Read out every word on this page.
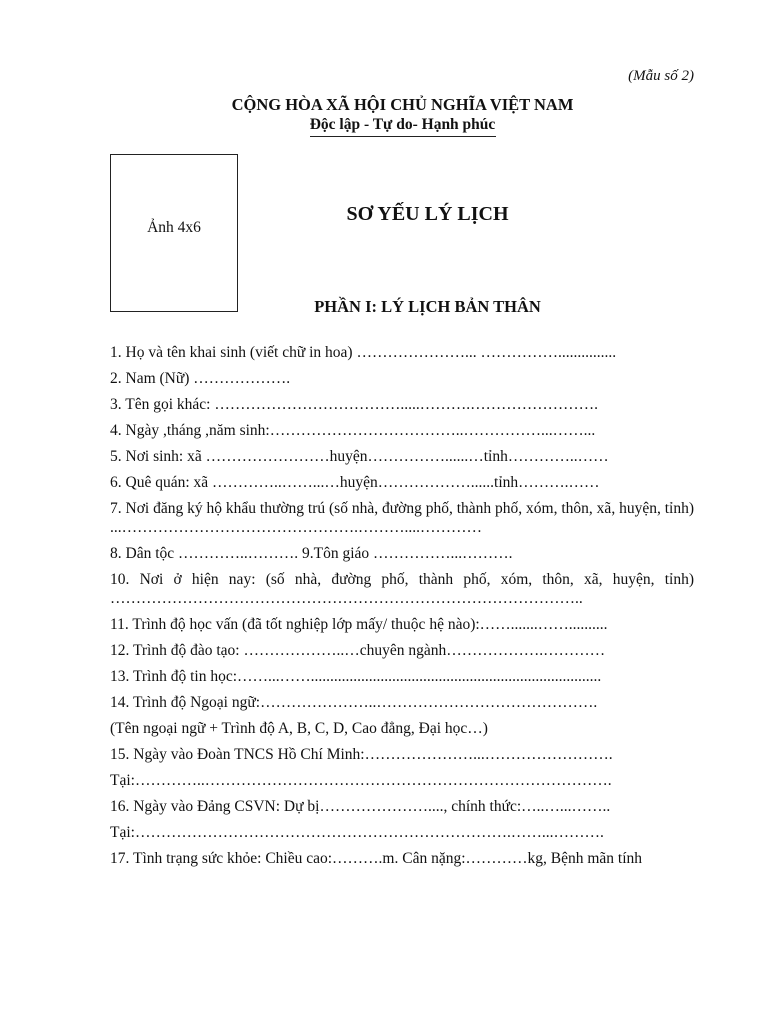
(Mẫu số 2)
CỘNG HÒA XÃ HỘI CHỦ NGHĨA VIỆT NAM
Độc lập - Tự do- Hạnh phúc
Ảnh 4x6
SƠ YẾU LÝ LỊCH
PHẦN I: LÝ LỊCH BẢN THÂN

1. Họ và tên khai sinh (viết chữ in hoa) …………………... ……………...............

2. Nam (Nữ) ……………….

3. Tên gọi khác: ……………………………….....……….…………………….

4. Ngày ,tháng ,năm sinh:………………………………..……………...……...

5. Nơi sinh: xã ……………………huyện……………......…tỉnh…………..……

6. Quê quán: xã …………..……...…huyện………………......tỉnh……….……

7. Nơi đăng ký hộ khẩu thường trú (số nhà, đường phố, thành phố, xóm, thôn, xã, huyện, tỉnh) ...……………………………………….………....…………

8. Dân tộc …………..………. 9.Tôn giáo ……………...……….

10. Nơi ở hiện nay: (số nhà, đường phố, thành phố, xóm, thôn, xã, huyện, tỉnh) ………………………………………………………………………………..

11. Trình độ học vấn (đã tốt nghiệp lớp mấy/ thuộc hệ nào):…….......……..........

12. Trình độ đào tạo: ………………..…chuyên ngành……………….…………

13. Trình độ tin học:……...……...........................................................................

14. Trình độ Ngoại ngữ:…………………..…………………………………….

(Tên ngoại ngữ + Trình độ A, B, C, D, Cao đẳng, Đại học…)

15. Ngày vào Đoàn TNCS Hồ Chí Minh:…………………...…………………….

Tại:…………..…………………………………………………………………….

16. Ngày vào Đảng CSVN: Dự bị…………………...., chính thức:…..…...……..

Tại:……………………………………………………………….……...……….

17. Tình trạng sức khỏe: Chiều cao:……….m. Cân nặng:…………kg, Bệnh mãn tính
